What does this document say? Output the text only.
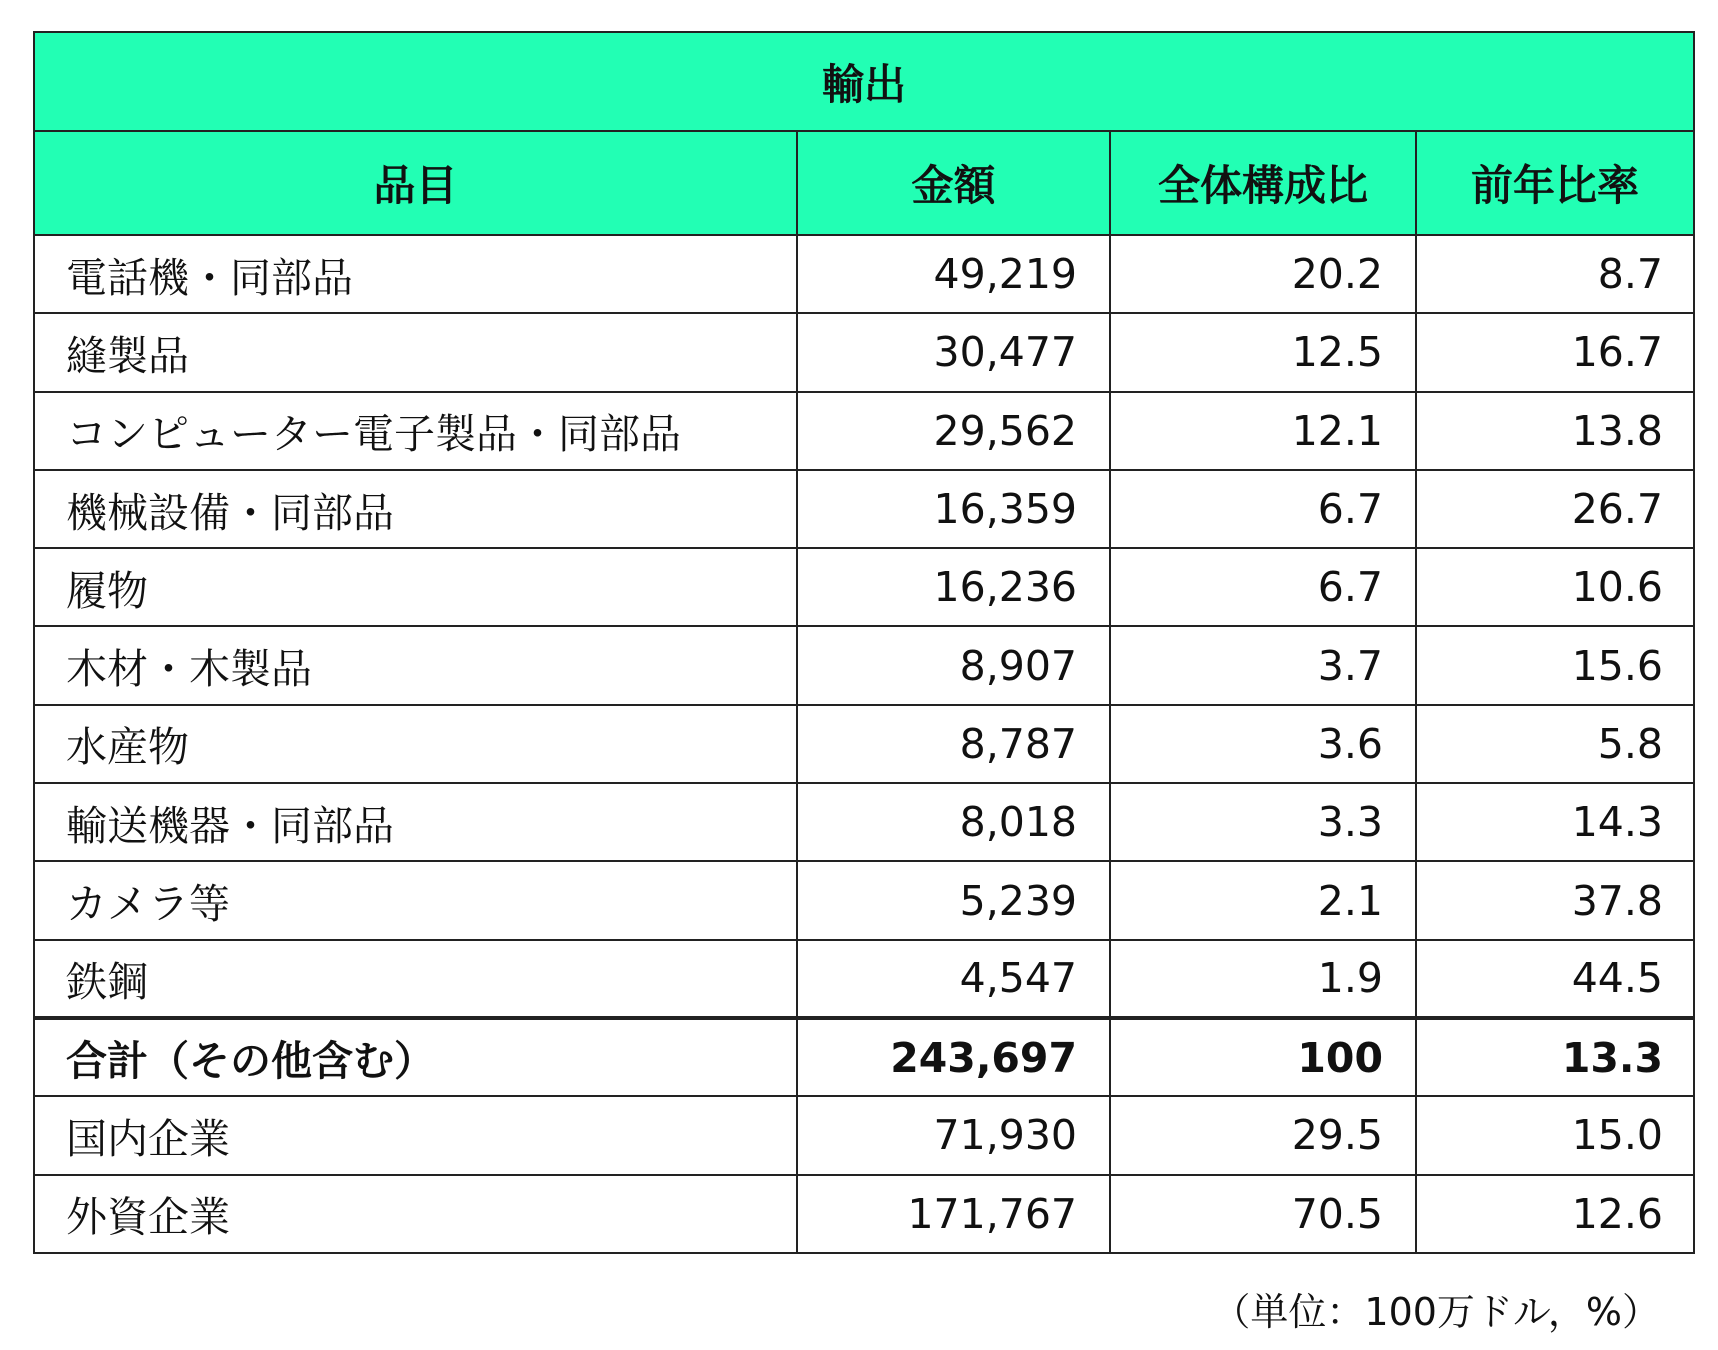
輸出			
品目	金額	全体構成比	前年比率
電話機・同部品	49,219	20.2	8.7
縫製品	30,477	12.5	16.7
コンピューター電子製品・同部品	29,562	12.1	13.8
機械設備・同部品	16,359	6.7	26.7
履物	16,236	6.7	10.6
木材・木製品	8,907	3.7	15.6
水産物	8,787	3.6	5.8
輸送機器・同部品	8,018	3.3	14.3
カメラ等	5,239	2.1	37.8
鉄鋼	4,547	1.9	44.5
合計（その他含む）	243,697	100	13.3
国内企業	71,930	29.5	15.0
外資企業	171,767	70.5	12.6
（単位：100万ドル，%）
